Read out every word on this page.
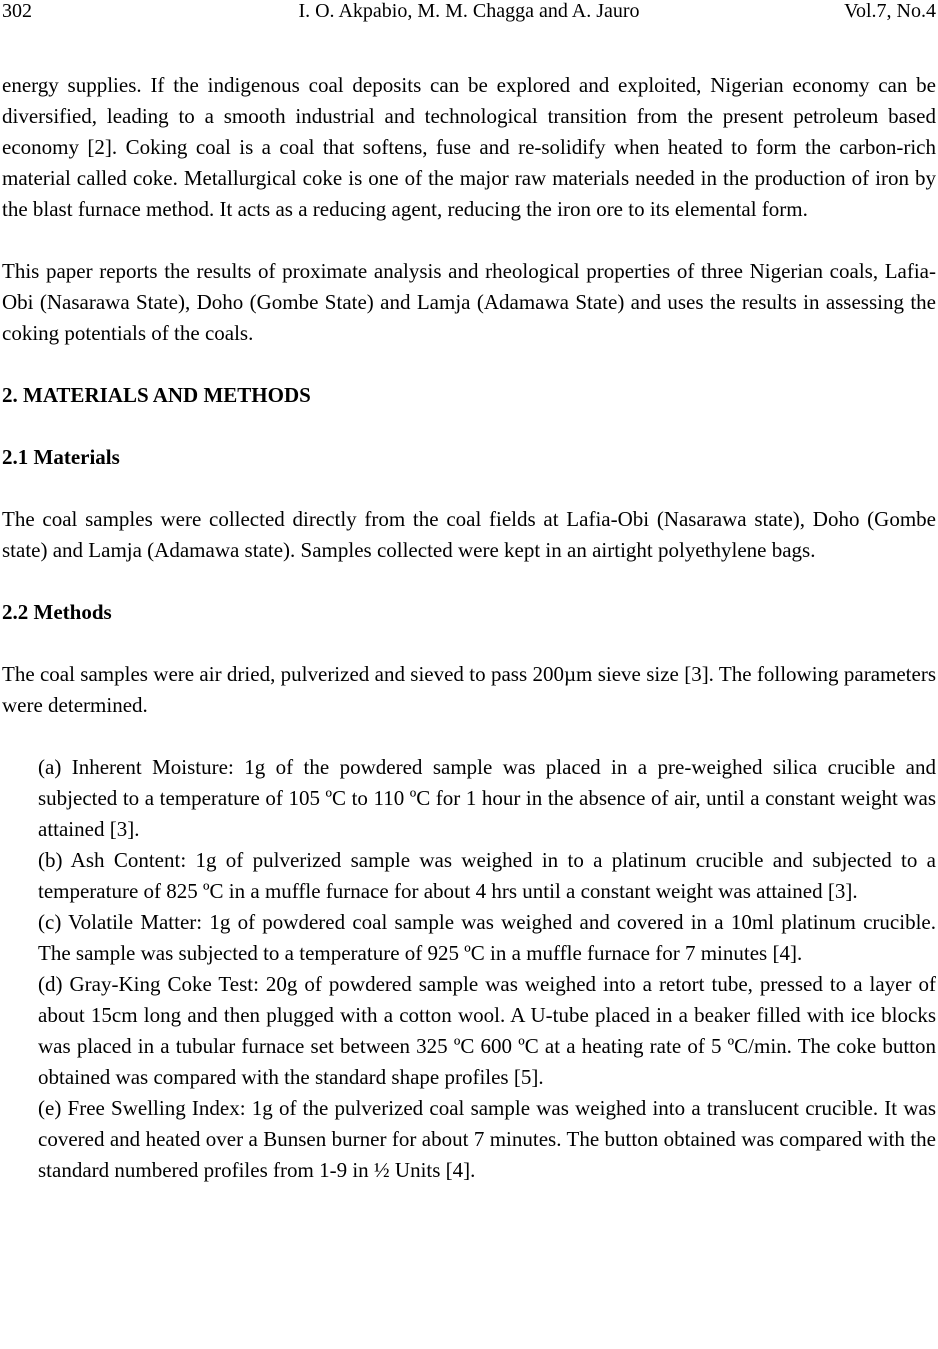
302	I. O. Akpabio, M. M. Chagga and A. Jauro	Vol.7, No.4

energy supplies. If the indigenous coal deposits can be explored and exploited, Nigerian economy can be diversified, leading to a smooth industrial and technological transition from the present petroleum based economy [2]. Coking coal is a coal that softens, fuse and re-solidify when heated to form the carbon-rich material called coke. Metallurgical coke is one of the major raw materials needed in the production of iron by the blast furnace method. It acts as a reducing agent, reducing the iron ore to its elemental form.

This paper reports the results of proximate analysis and rheological properties of three Nigerian coals, Lafia-Obi (Nasarawa State), Doho (Gombe State) and Lamja (Adamawa State) and uses the results in assessing the coking potentials of the coals.

2. MATERIALS AND METHODS
2.1 Materials

The coal samples were collected directly from the coal fields at Lafia-Obi (Nasarawa state), Doho (Gombe state) and Lamja (Adamawa state). Samples collected were kept in an airtight polyethylene bags.

2.2 Methods

The coal samples were air dried, pulverized and sieved to pass 200µm sieve size [3]. The following parameters were determined.

(a) Inherent Moisture: 1g of the powdered sample was placed in a pre-weighed silica crucible and subjected to a temperature of 105 ºC to 110 ºC for 1 hour in the absence of air, until a constant weight was attained [3].

(b) Ash Content: 1g of pulverized sample was weighed in to a platinum crucible and subjected to a temperature of 825 ºC in a muffle furnace for about 4 hrs until a constant weight was attained [3].

(c) Volatile Matter: 1g of powdered coal sample was weighed and covered in a 10ml platinum crucible. The sample was subjected to a temperature of 925 ºC in a muffle furnace for 7 minutes [4].

(d) Gray-King Coke Test: 20g of powdered sample was weighed into a retort tube, pressed to a layer of about 15cm long and then plugged with a cotton wool. A U-tube placed in a beaker filled with ice blocks was placed in a tubular furnace set between 325 ºC 600 ºC at a heating rate of 5 ºC/min. The coke button obtained was compared with the standard shape profiles [5].

(e) Free Swelling Index: 1g of the pulverized coal sample was weighed into a translucent crucible. It was covered and heated over a Bunsen burner for about 7 minutes. The button obtained was compared with the standard numbered profiles from 1-9 in ½ Units [4].
